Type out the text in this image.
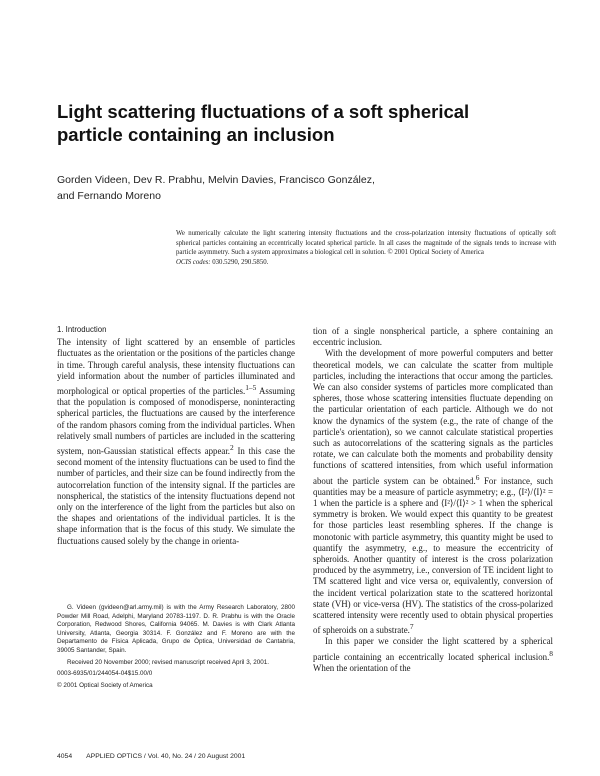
Light scattering fluctuations of a soft spherical particle containing an inclusion
Gorden Videen, Dev R. Prabhu, Melvin Davies, Francisco González,
and Fernando Moreno

We numerically calculate the light scattering intensity fluctuations and the cross-polarization intensity fluctuations of optically soft spherical particles containing an eccentrically located spherical particle. In all cases the magnitude of the signals tends to increase with particle asymmetry. Such a system approximates a biological cell in solution. © 2001 Optical Society of America

OCIS codes: 030.5290, 290.5850.

1. Introduction

The intensity of light scattered by an ensemble of particles fluctuates as the orientation or the positions of the particles change in time. Through careful analysis, these intensity fluctuations can yield information about the number of particles illuminated and morphological or optical properties of the particles.$^{1-5}$ Assuming that the population is composed of monodisperse, noninteracting spherical particles, the fluctuations are caused by the interference of the random phasors coming from the individual particles. When relatively small numbers of particles are included in the scattering system, non-Gaussian statistical effects appear.$^2$ In this case the second moment of the intensity fluctuations can be used to find the number of particles, and their size can be found indirectly from the autocorrelation function of the intensity signal. If the particles are nonspherical, the statistics of the intensity fluctuations depend not only on the interference of the light from the particles but also on the shapes and orientations of the individual particles. It is the shape information that is the focus of this study. We simulate the fluctuations caused solely by the change in orienta-

tion of a single nonspherical particle, a sphere containing an eccentric inclusion.

With the development of more powerful computers and better theoretical models, we can calculate the scatter from multiple particles, including the interactions that occur among the particles. We can also consider systems of particles more complicated than spheres, those whose scattering intensities fluctuate depending on the particular orientation of each particle. Although we do not know the dynamics of the system (e.g., the rate of change of the particle's orientation), so we cannot calculate statistical properties such as autocorrelations of the scattering signals as the particles rotate, we can calculate both the moments and probability density functions of scattered intensities, from which useful information about the particle system can be obtained.$^6$ For instance, such quantities may be a measure of particle asymmetry; e.g., ⟨I²⟩/⟨I⟩² = 1 when the particle is a sphere and ⟨I²⟩/⟨I⟩² > 1 when the spherical symmetry is broken. We would expect this quantity to be greatest for those particles least resembling spheres. If the change is monotonic with particle asymmetry, this quantity might be used to quantify the asymmetry, e.g., to measure the eccentricity of spheroids. Another quantity of interest is the cross polarization produced by the asymmetry, i.e., conversion of TE incident light to TM scattered light and vice versa or, equivalently, conversion of the incident vertical polarization state to the scattered horizontal state (VH) or vice-versa (HV). The statistics of the cross-polarized scattered intensity were recently used to obtain physical properties of spheroids on a substrate.$^7$

In this paper we consider the light scattered by a spherical particle containing an eccentrically located spherical inclusion.$^8$ When the orientation of the

G. Videen (gvideen@arl.army.mil) is with the Army Research Laboratory, 2800 Powder Mill Road, Adelphi, Maryland 20783-1197. D. R. Prabhu is with the Oracle Corporation, Redwood Shores, California 94065. M. Davies is with Clark Atlanta University, Atlanta, Georgia 30314. F. González and F. Moreno are with the Departamento de Física Aplicada, Grupo de Óptica, Universidad de Cantabria, 39005 Santander, Spain.

Received 20 November 2000; revised manuscript received April 3, 2001.

0003-6935/01/244054-04$15.00/0

© 2001 Optical Society of America

4054 APPLIED OPTICS / Vol. 40, No. 24 / 20 August 2001
